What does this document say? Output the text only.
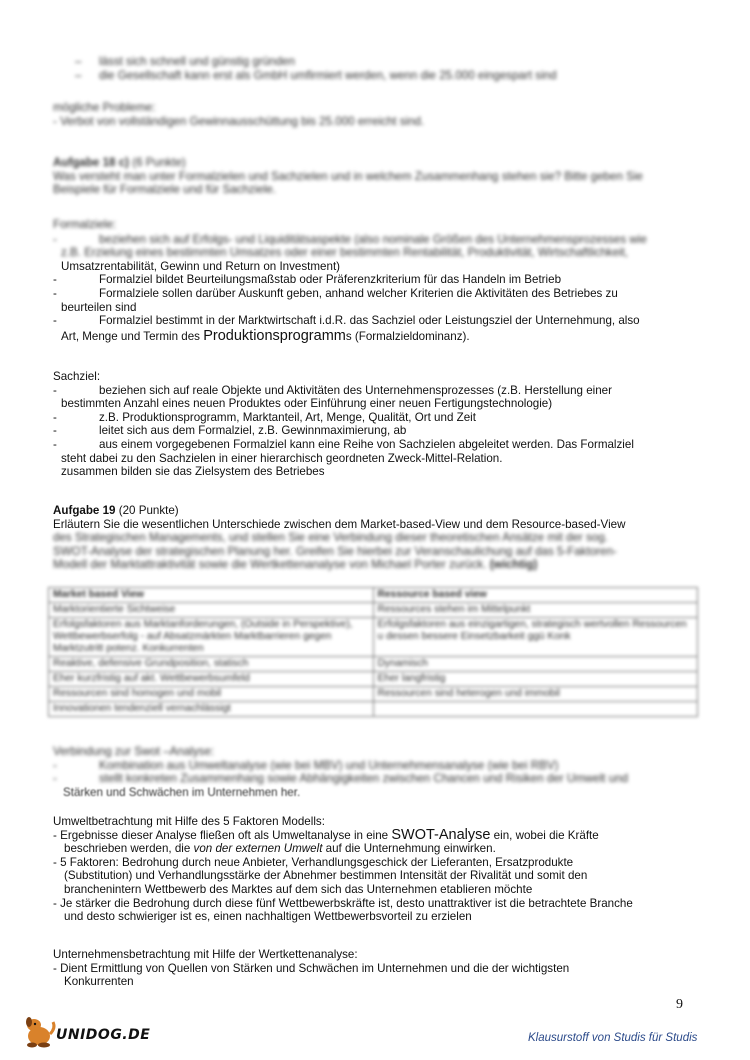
–	lässt sich schnell und günstig gründen
–	die Gesellschaft kann erst als GmbH umfirmiert werden, wenn die 25.000 eingespart sind
mögliche Probleme:
- Verbot von vollständigen Gewinnausschüttung bis 25.000 erreicht sind.
Aufgabe 18 c) (6 Punkte)
Was versteht man unter Formalzielen und Sachzielen und in welchem Zusammenhang stehen sie? Bitte geben Sie
Beispiele für Formalziele und für Sachziele.
Formalziele:
-	beziehen sich auf Erfolgs- und Liquiditätsaspekte (also nominale Größen des Unternehmensprozesses wie
z.B. Erzielung eines bestimmten Umsatzes oder einer bestimmten Rentabilität, Produktivität, Wirtschaftlichkeit,
Umsatzrentabilität, Gewinn und Return on Investment)
-	Formalziel bildet Beurteilungsmaßstab oder Präferenzkriterium für das Handeln im Betrieb
-	Formalziele sollen darüber Auskunft geben, anhand welcher Kriterien die Aktivitäten des Betriebes zu
beurteilen sind
-	Formalziel bestimmt in der Marktwirtschaft i.d.R. das Sachziel oder Leistungsziel der Unternehmung, also
Art, Menge und Termin des Produktionsprogramms (Formalzieldominanz).
Sachziel:
-	beziehen sich auf reale Objekte und Aktivitäten des Unternehmensprozesses (z.B. Herstellung einer
bestimmten Anzahl eines neuen Produktes oder Einführung einer neuen Fertigungstechnologie)
-	z.B. Produktionsprogramm, Marktanteil, Art, Menge, Qualität, Ort und Zeit
-	leitet sich aus dem Formalziel, z.B. Gewinnmaximierung, ab
-	aus einem vorgegebenen Formalziel kann eine Reihe von Sachzielen abgeleitet werden. Das Formalziel
steht dabei zu den Sachzielen in einer hierarchisch geordneten Zweck-Mittel-Relation.
zusammen bilden sie das Zielsystem des Betriebes
Aufgabe 19 (20 Punkte)
Erläutern Sie die wesentlichen Unterschiede zwischen dem Market-based-View und dem Resource-based-View
des Strategischen Managements, und stellen Sie eine Verbindung dieser theoretischen Ansätze mit der sog.
SWOT-Analyse der strategischen Planung her. Greifen Sie hierbei zur Veranschaulichung auf das 5-Faktoren-
Modell der Marktattraktivität sowie die Wertkettenanalyse von Michael Porter zurück. (wichtig)
Market based View	Ressource based view
Marktorientierte Sichtweise	Ressources stehen im Mittelpunkt
Erfolgsfaktoren aus Marktanforderungen, (Outside in Perspektive), Wettbewerbserfolg - auf Absatzmärkten Marktbarrieren gegen Marktzutritt potenz. Konkurrenten	Erfolgsfaktoren aus einzigartigen, strategisch wertvollen Ressourcen u dessen bessere Einsetzbarkeit ggü Konk
Reaktive, defensive Grundposition, statisch	Dynamisch
Eher kurzfristig auf akt. Wettbewerbsumfeld	Eher langfristig
Ressourcen sind homogen und mobil	Ressourcen sind heterogen und immobil
Innovationen tendenziell vernachlässigt	
Verbindung zur Swot –Analyse:
-	Kombination aus Umweltanalyse (wie bei MBV) und Unternehmensanalyse (wie bei RBV)
-	stellt konkreten Zusammenhang sowie Abhängigkeiten zwischen Chancen und Risiken der Umwelt und
Stärken und Schwächen im Unternehmen her.
Umweltbetrachtung mit Hilfe des 5 Faktoren Modells:
- Ergebnisse dieser Analyse fließen oft als Umweltanalyse in eine SWOT-Analyse ein, wobei die Kräfte
beschrieben werden, die von der externen Umwelt auf die Unternehmung einwirken.
- 5 Faktoren: Bedrohung durch neue Anbieter, Verhandlungsgeschick der Lieferanten, Ersatzprodukte
(Substitution) und Verhandlungsstärke der Abnehmer bestimmen Intensität der Rivalität und somit den
branchenintern Wettbewerb des Marktes auf dem sich das Unternehmen etablieren möchte
- Je stärker die Bedrohung durch diese fünf Wettbewerbskräfte ist, desto unattraktiver ist die betrachtete Branche
und desto schwieriger ist es, einen nachhaltigen Wettbewerbsvorteil zu erzielen
Unternehmensbetrachtung mit Hilfe der Wertkettenanalyse:
- Dient Ermittlung von Quellen von Stärken und Schwächen im Unternehmen und die der wichtigsten
Konkurrenten
9
UNIDOG.DE	Klausurstoff von Studis für Studis
